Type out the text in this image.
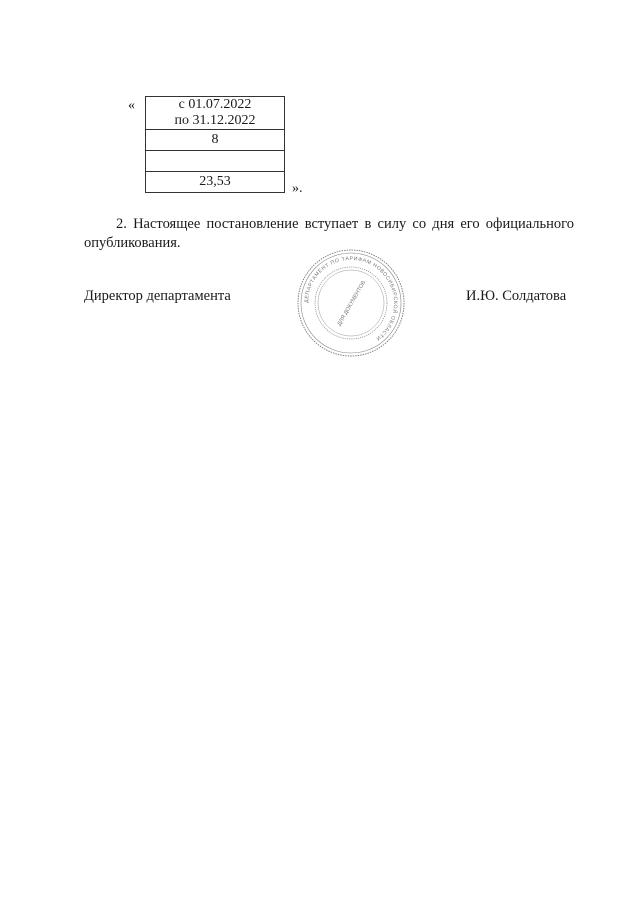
«	с 01.07.2022
по 31.12.2022

8

23,53	».

2. Настоящее постановление вступает в силу со дня его официального опубликования.

Директор департамента	ДЕПАРТАМЕНТ ПО ТАРИФАМ НОВОСИБИРСКОЙ ОБЛАСТИ
ДЛЯ ДОКУМЕНТОВ	И.Ю. Солдатова
